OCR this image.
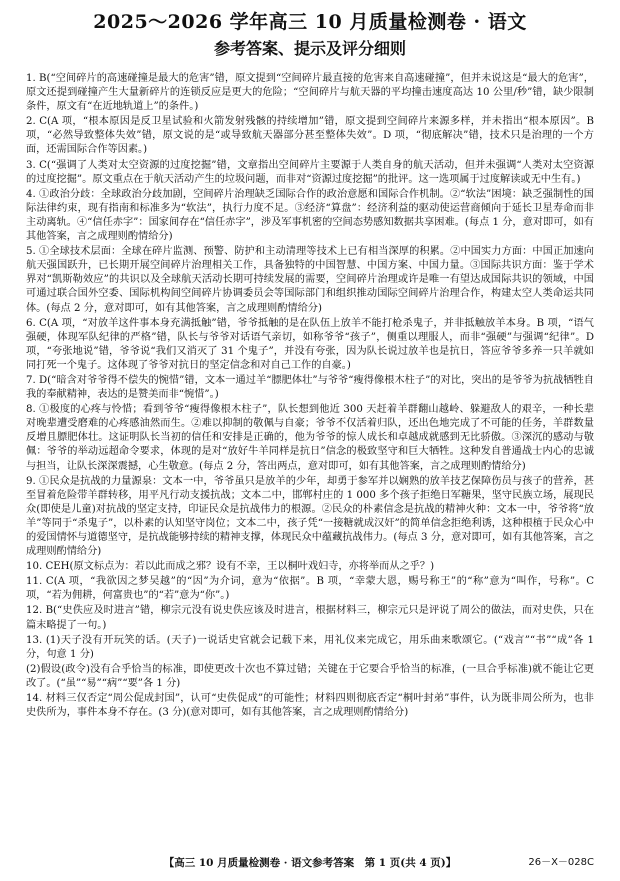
2025～2026 学年高三 10 月质量检测卷 · 语文
参考答案、提示及评分细则

1. B(“空间碎片的高速碰撞是最大的危害”错，原文提到“空间碎片最直接的危害来自高速碰撞”，但并未说这是“最大的危害”，原文还提到碰撞产生大量新碎片的连锁反应是更大的危险；“空间碎片与航天器的平均撞击速度高达 10 公里/秒”错，缺少限制条件，原文有“在近地轨道上”的条件。)

2. C(A 项，“根本原因是反卫星试验和火箭发射残骸的持续增加”错，原文提到空间碎片来源多样，并未指出“根本原因”。B 项，“必然导致整体失效”错，原文说的是“或导致航天器部分甚至整体失效”。D 项，“彻底解决”错，技术只是治理的一个方面，还需国际合作等因素。)

3. C(“强调了人类对太空资源的过度挖掘”错，文章指出空间碎片主要源于人类自身的航天活动，但并未强调“人类对太空资源的过度挖掘”。原文重点在于航天活动产生的垃圾问题，而非对“资源过度挖掘”的批评。这一选项属于过度解读或无中生有。)

4. ①政治分歧：全球政治分歧加剧，空间碎片治理缺乏国际合作的政治意愿和国际合作机制。②“软法”困境：缺乏强制性的国际法律约束，现有指南和标准多为“软法”，执行力度不足。③经济“算盘”：经济利益的驱动使运营商倾向于延长卫星寿命而非主动离轨。④“信任赤字”：国家间存在“信任赤字”，涉及军事机密的空间态势感知数据共享困难。(每点 1 分，意对即可，如有其他答案，言之成理则酌情给分)

5. ①全球技术层面：全球在碎片监测、预警、防护和主动清理等技术上已有相当深厚的积累。②中国实力方面：中国正加速向航天强国跃升，已长期开展空间碎片治理相关工作，具备独特的中国智慧、中国方案、中国力量。③国际共识方面：鉴于学术界对“凯斯勒效应”的共识以及全球航天活动长期可持续发展的需要，空间碎片治理或许是唯一有望达成国际共识的领域，中国可通过联合国外空委、国际机构间空间碎片协调委员会等国际部门和组织推动国际空间碎片治理合作，构建太空人类命运共同体。(每点 2 分，意对即可，如有其他答案，言之成理则酌情给分)

6. C(A 项，“对放羊这件事本身充满抵触”错，爷爷抵触的是在队伍上放羊不能打枪杀鬼子，并非抵触放羊本身。B 项，“语气强硬，体现军队纪律的严格”错，队长与爷爷对话语气亲切，如称爷爷“孩子”，侧重以理服人，而非“强硬”与强调“纪律”。D 项，“夸张地说”错，爷爷说“我们又消灭了 31 个鬼子”，并没有夸张，因为队长说过放羊也是抗日，答应爷爷多养一只羊就如同打死一个鬼子。这体现了爷爷对抗日的坚定信念和对自己工作的自豪。)

7. D(“暗含对爷爷得不偿失的惋惜”错，文本一通过羊“膘肥体壮”与爷爷“瘦得像根木柱子”的对比，突出的是爷爷为抗战牺牲自我的奉献精神，表达的是赞美而非“惋惜”。)

8. ①极度的心疼与怜惜；看到爷爷“瘦得像根木柱子”，队长想到他近 300 天赶着羊群翻山越岭、躲避敌人的艰辛，一种长辈对晚辈遭受磨难的心疼感油然而生。②难以抑制的敬佩与自豪；爷爷不仅活着归队，还出色地完成了不可能的任务，羊群数量反增且膘肥体壮。这证明队长当初的信任和安排是正确的，他为爷爷的惊人成长和卓越成就感到无比骄傲。③深沉的感动与敬佩：爷爷的举动远超命令要求，体现的是对“放好牛羊同样是抗日”信念的极致坚守和巨大牺牲。这种发自普通战士内心的忠诚与担当，让队长深深震撼，心生敬意。(每点 2 分，答出两点，意对即可，如有其他答案，言之成理则酌情给分)

9. ①民众是抗战的力量源泉：文本一中，爷爷虽只是放羊的少年，却勇于参军并以娴熟的放羊技艺保障伤员与孩子的营养，甚至冒着危险带羊群转移，用平凡行动支援抗战；文本二中，邯郸村庄的 1 000 多个孩子拒绝日军糖果，坚守民族立场，展现民众(即使是儿童)对抗战的坚定支持，印证民众是抗战伟力的根源。②民众的朴素信念是抗战的精神火种：文本一中，爷爷将“放羊”等同于“杀鬼子”，以朴素的认知坚守岗位；文本二中，孩子凭“一接糖就成汉奸”的简单信念拒绝利诱，这种根植于民众心中的爱国情怀与道德坚守，是抗战能够持续的精神支撑，体现民众中蕴藏抗战伟力。(每点 3 分，意对即可，如有其他答案，言之成理则酌情给分)

10. CEH(原文标点为：若以此而成之邪？设有不幸，王以桐叶戏妇寺，亦将举而从之乎？)

11. C(A 项，“我欲因之梦吴越”的“因”为介词，意为“依据”。B 项，“幸蒙大恩，赐号称王”的“称”意为“叫作，号称”。C 项，“若为佣耕，何富贵也”的“若”意为“你”。)

12. B(“史佚应及时进言”错，柳宗元没有说史佚应该及时进言，根据材料三，柳宗元只是评说了周公的做法，而对史佚，只在篇末略提了一句。)

13. (1)天子没有开玩笑的话。(天子)一说话史官就会记载下来，用礼仪来完成它，用乐曲来歌颂它。(“戏言”“书”“成”各 1 分，句意 1 分)

(2)假设(政令)没有合乎恰当的标准，即使更改十次也不算过错；关键在于它要合乎恰当的标准，(一旦合乎标准)就不能让它更改了。(“虽”“易”“病”“要”各 1 分)

14. 材料三仅否定“周公促成封国”，认可“史佚促成”的可能性；材料四则彻底否定“桐叶封弟”事件，认为既非周公所为，也非史佚所为，事件本身不存在。(3 分)(意对即可，如有其他答案，言之成理则酌情给分)

【高三 10 月质量检测卷 · 语文参考答案　第 1 页(共 4 页)】	26－X－028C
